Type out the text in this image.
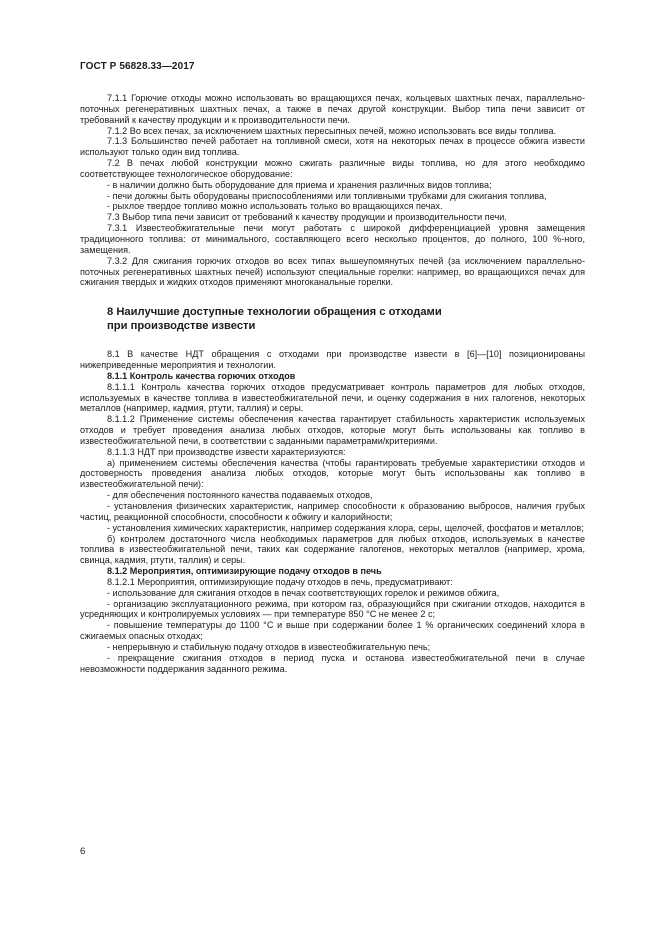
ГОСТ Р 56828.33—2017

7.1.1 Горючие отходы можно использовать во вращающихся печах, кольцевых шахтных печах, параллельно-поточных регенеративных шахтных печах, а также в печах другой конструкции. Выбор типа печи зависит от требований к качеству продукции и к производительности печи.

7.1.2 Во всех печах, за исключением шахтных пересыпных печей, можно использовать все виды топлива.

7.1.3 Большинство печей работает на топливной смеси, хотя на некоторых печах в процессе обжига извести используют только один вид топлива.

7.2 В печах любой конструкции можно сжигать различные виды топлива, но для этого необходимо соответствующее технологическое оборудование:

- в наличии должно быть оборудование для приема и хранения различных видов топлива;

- печи должны быть оборудованы приспособлениями или топливными трубками для сжигания топлива,

- рыхлое твердое топливо можно использовать только во вращающихся печах.

7.3 Выбор типа печи зависит от требований к качеству продукции и производительности печи.

7.3.1 Известеобжигательные печи могут работать с широкой дифференциацией уровня замещения традиционного топлива: от минимального, составляющего всего несколько процентов, до полного, 100 %-ного, замещения.

7.3.2 Для сжигания горючих отходов во всех типах вышеупомянутых печей (за исключением параллельно-поточных регенеративных шахтных печей) используют специальные горелки: например, во вращающихся печах для сжигания твердых и жидких отходов применяют многоканальные горелки.

8 Наилучшие доступные технологии обращения с отходами
при производстве извести

8.1 В качестве НДТ обращения с отходами при производстве извести в [6]—[10] позиционированы нижеприведенные мероприятия и технологии.

8.1.1 Контроль качества горючих отходов

8.1.1.1 Контроль качества горючих отходов предусматривает контроль параметров для любых отходов, используемых в качестве топлива в известеобжигательной печи, и оценку содержания в них галогенов, некоторых металлов (например, кадмия, ртути, таллия) и серы.

8.1.1.2 Применение системы обеспечения качества гарантирует стабильность характеристик используемых отходов и требует проведения анализа любых отходов, которые могут быть использованы как топливо в известеобжигательной печи, в соответствии с заданными параметрами/критериями.

8.1.1.3 НДТ при производстве извести характеризуются:

а) применением системы обеспечения качества (чтобы гарантировать требуемые характеристики отходов и достоверность проведения анализа любых отходов, которые могут быть использованы как топливо в известеобжигательной печи):

- для обеспечения постоянного качества подаваемых отходов,

- установления физических характеристик, например способности к образованию выбросов, наличия грубых частиц, реакционной способности, способности к обжигу и калорийности;

- установления химических характеристик, например содержания хлора, серы, щелочей, фосфатов и металлов;

б) контролем достаточного числа необходимых параметров для любых отходов, используемых в качестве топлива в известеобжигательной печи, таких как содержание галогенов, некоторых металлов (например, хрома, свинца, кадмия, ртути, таллия) и серы.

8.1.2 Мероприятия, оптимизирующие подачу отходов в печь

8.1.2.1 Мероприятия, оптимизирующие подачу отходов в печь, предусматривают:

- использование для сжигания отходов в печах соответствующих горелок и режимов обжига,

- организацию эксплуатационного режима, при котором газ, образующийся при сжигании отходов, находится в усредняющих и контролируемых условиях — при температуре 850 °C не менее 2 с;

- повышение температуры до 1100 °C и выше при содержании более 1 % органических соединений хлора в сжигаемых опасных отходах;

- непрерывную и стабильную подачу отходов в известеобжигательную печь;

- прекращение сжигания отходов в период пуска и останова известеобжигательной печи в случае невозможности поддержания заданного режима.

6
